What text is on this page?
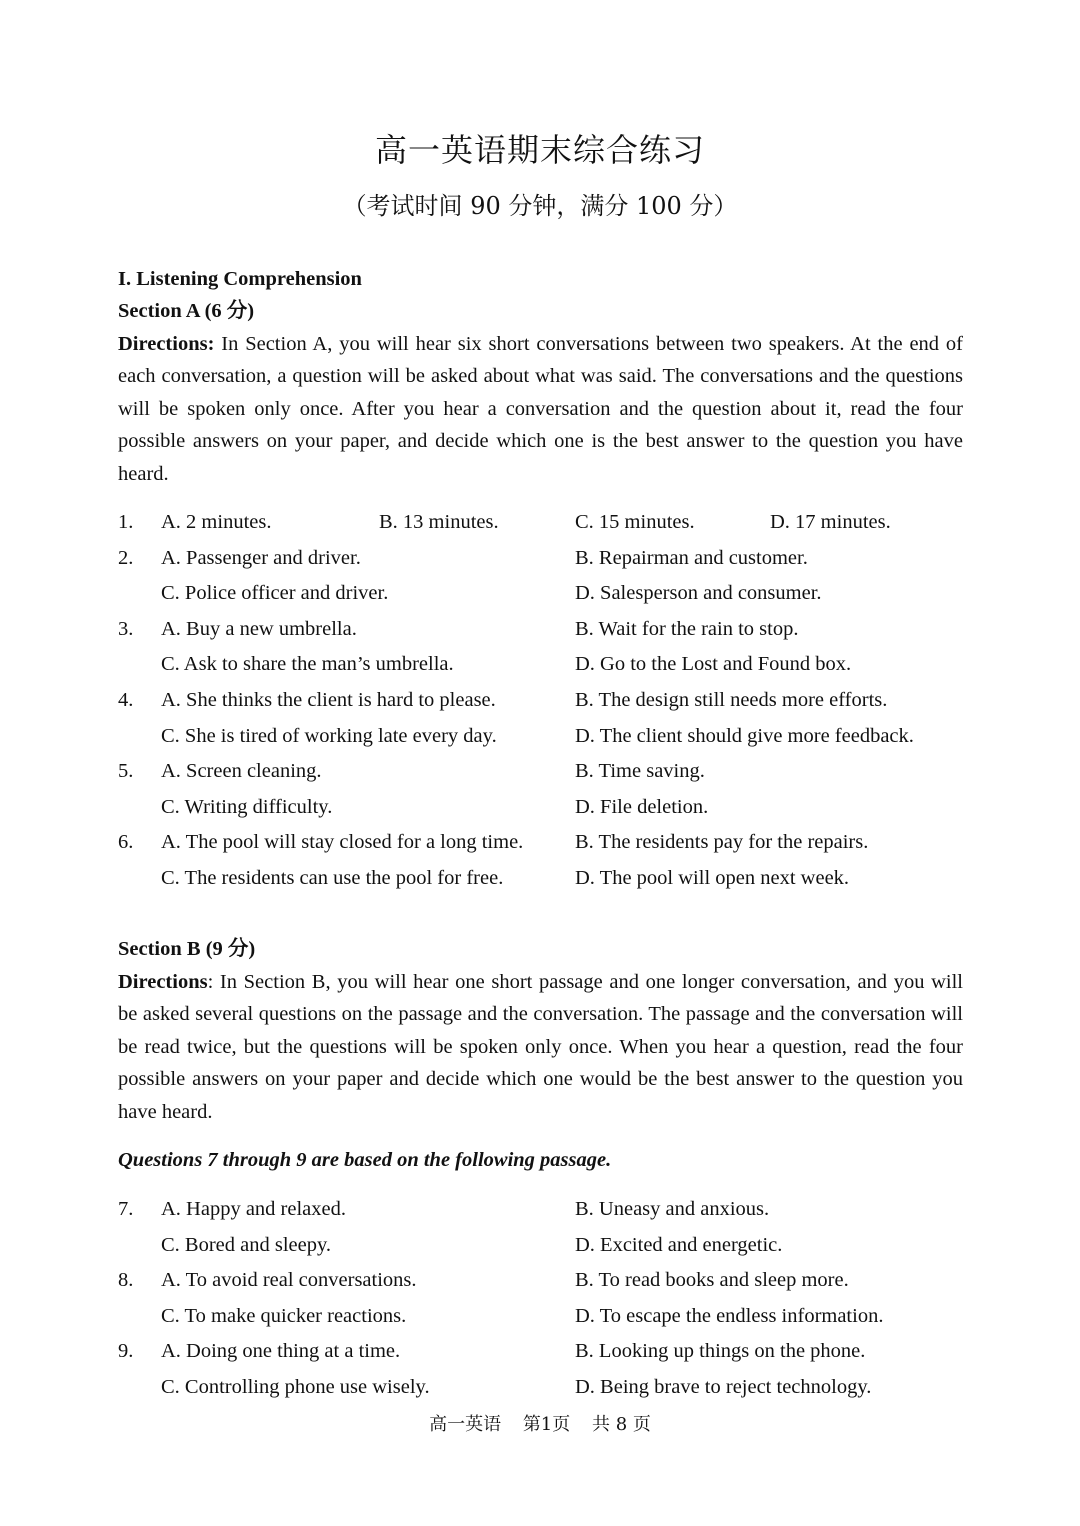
高一英语期末综合练习
（考试时间 90 分钟，满分 100 分）
I. Listening Comprehension
Section A (6 分)

Directions: In Section A, you will hear six short conversations between two speakers. At the end of each conversation, a question will be asked about what was said. The conversations and the questions will be spoken only once. After you hear a conversation and the question about it, read the four possible answers on your paper, and decide which one is the best answer to the question you have heard.

1. A. 2 minutes.	B. 13 minutes.	C. 15 minutes.	D. 17 minutes.
2. A. Passenger and driver.	B. Repairman and customer.
C. Police officer and driver.	D. Salesperson and consumer.
3. A. Buy a new umbrella.	B. Wait for the rain to stop.
C. Ask to share the man’s umbrella.	D. Go to the Lost and Found box.
4. A. She thinks the client is hard to please.	B. The design still needs more efforts.
C. She is tired of working late every day.	D. The client should give more feedback.
5. A. Screen cleaning.	B. Time saving.
C. Writing difficulty.	D. File deletion.
6. A. The pool will stay closed for a long time.	B. The residents pay for the repairs.
C. The residents can use the pool for free.	D. The pool will open next week.
Section B (9 分)

Directions: In Section B, you will hear one short passage and one longer conversation, and you will be asked several questions on the passage and the conversation. The passage and the conversation will be read twice, but the questions will be spoken only once. When you hear a question, read the four possible answers on your paper and decide which one would be the best answer to the question you have heard.

Questions 7 through 9 are based on the following passage.
7. A. Happy and relaxed.	B. Uneasy and anxious.
C. Bored and sleepy.	D. Excited and energetic.
8. A. To avoid real conversations.	B. To read books and sleep more.
C. To make quicker reactions.	D. To escape the endless information.
9. A. Doing one thing at a time.	B. Looking up things on the phone.
C. Controlling phone use wisely.	D. Being brave to reject technology.
高一英语 第1页 共 8 页
